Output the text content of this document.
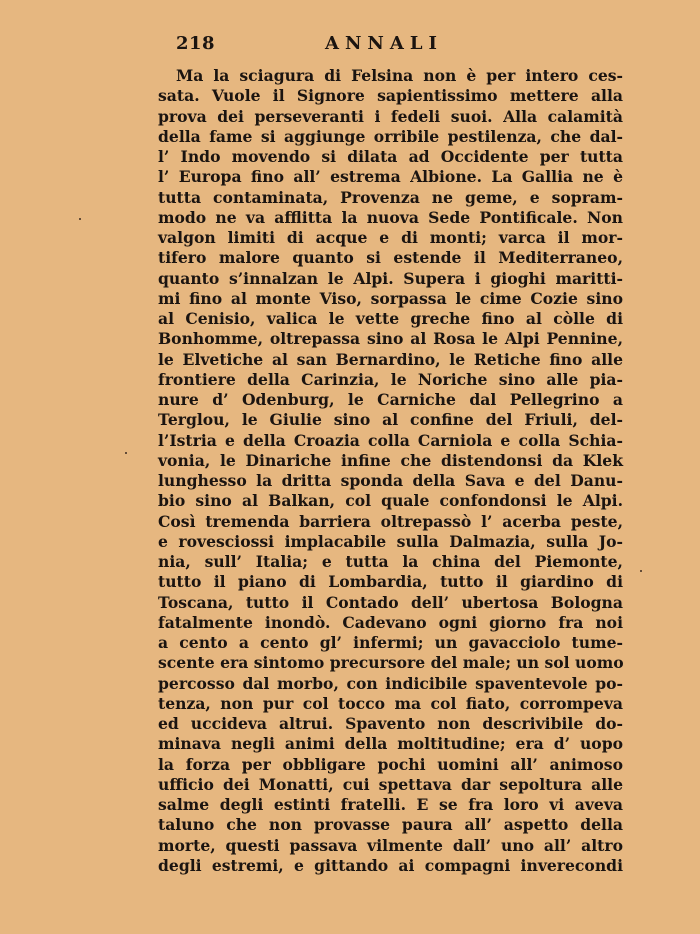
218	ANNALI
Ma la sciagura di Felsina non è per intero ces-
sata. Vuole il Signore sapientissimo mettere alla
prova dei perseveranti i fedeli suoi. Alla calamità
della fame si aggiunge orribile pestilenza, che dal-
l’ Indo movendo si dilata ad Occidente per tutta
l’ Europa fino all’ estrema Albione. La Gallia ne è
tutta contaminata, Provenza ne geme, e sopram-
modo ne va afflitta la nuova Sede Pontificale. Non
valgon limiti di acque e di monti; varca il mor-
tifero malore quanto si estende il Mediterraneo,
quanto s’innalzan le Alpi. Supera i gioghi maritti-
mi fino al monte Viso, sorpassa le cime Cozie sino
al Cenisio, valica le vette greche fino al còlle di
Bonhomme, oltrepassa sino al Rosa le Alpi Pennine,
le Elvetiche al san Bernardino, le Retiche fino alle
frontiere della Carinzia, le Noriche sino alle pia-
nure d’ Odenburg, le Carniche dal Pellegrino a
Terglou, le Giulie sino al confine del Friuli, del-
l’Istria e della Croazia colla Carniola e colla Schia-
vonia, le Dinariche infine che distendonsi da Klek
lunghesso la dritta sponda della Sava e del Danu-
bio sino al Balkan, col quale confondonsi le Alpi.
Così tremenda barriera oltrepassò l’ acerba peste,
e rovesciossi implacabile sulla Dalmazia, sulla Jo-
nia, sull’ Italia; e tutta la china del Piemonte,
tutto il piano di Lombardia, tutto il giardino di
Toscana, tutto il Contado dell’ ubertosa Bologna
fatalmente inondò. Cadevano ogni giorno fra noi
a cento a cento gl’ infermi; un gavacciolo tume-
scente era sintomo precursore del male; un sol uomo
percosso dal morbo, con indicibile spaventevole po-
tenza, non pur col tocco ma col fiato, corrompeva
ed uccideva altrui. Spavento non descrivibile do-
minava negli animi della moltitudine; era d’ uopo
la forza per obbligare pochi uomini all’ animoso
ufficio dei Monatti, cui spettava dar sepoltura alle
salme degli estinti fratelli. E se fra loro vi aveva
taluno che non provasse paura all’ aspetto della
morte, questi passava vilmente dall’ uno all’ altro
degli estremi, e gittando ai compagni inverecondi
